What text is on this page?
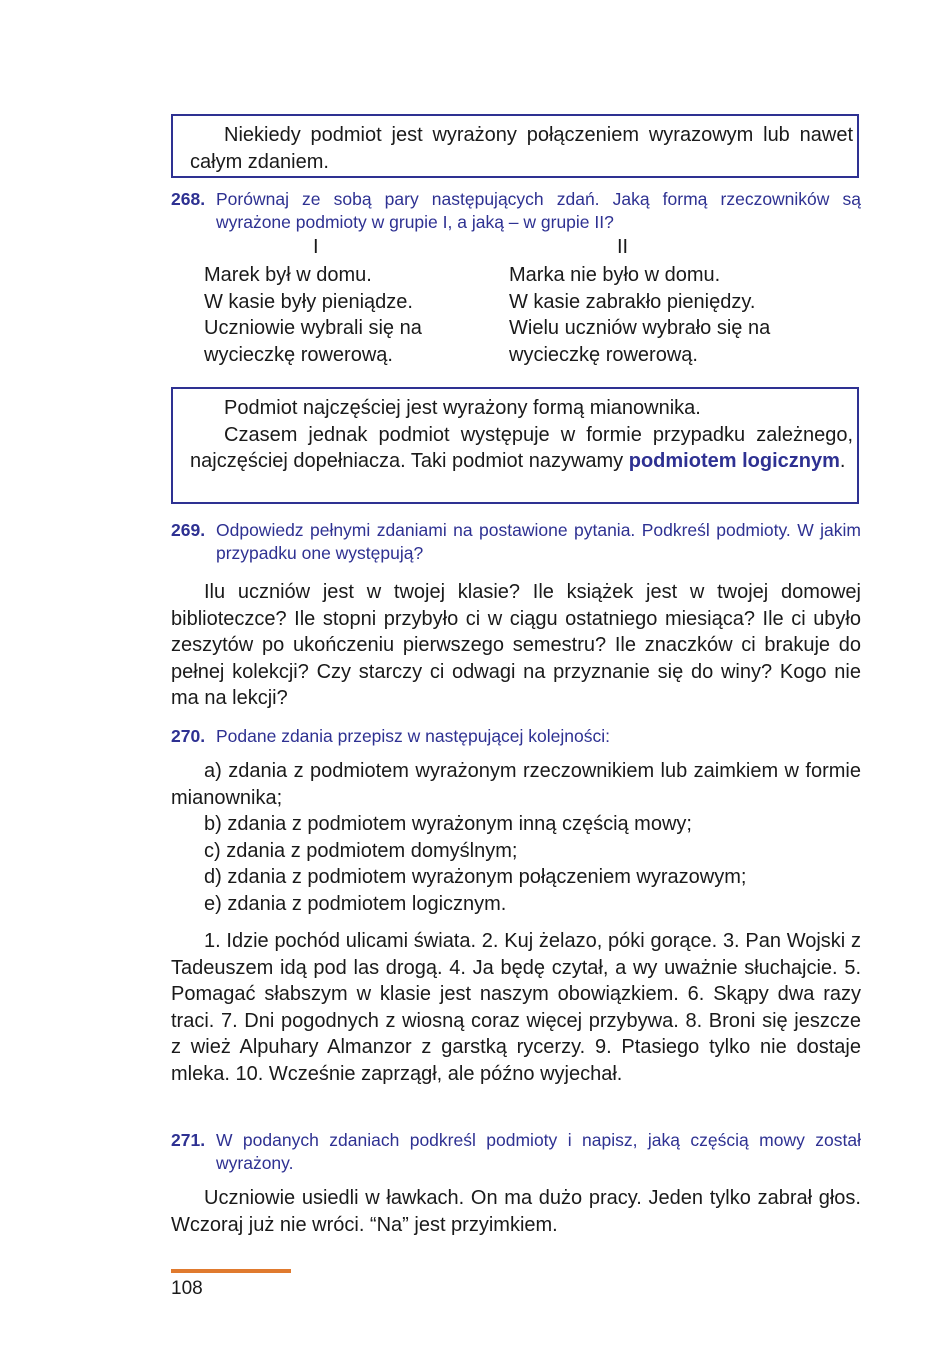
Niekiedy podmiot jest wyrażony połączeniem wyrazowym lub nawet całym zdaniem.
268. Porównaj ze sobą pary następujących zdań. Jaką formą rzeczowników są wyrażone podmioty w grupie I, a jaką – w grupie II?
I	II
Marek był w domu.
W kasie były pieniądze.
Uczniowie wybrali się na
wycieczkę rowerową.
Marka nie było w domu.
W kasie zabrakło pieniędzy.
Wielu uczniów wybrało się na
wycieczkę rowerową.
Podmiot najczęściej jest wyrażony formą mianownika.
Czasem jednak podmiot występuje w formie przypadku zależnego, najczęściej dopełniacza. Taki podmiot nazywamy podmiotem logicznym.
269. Odpowiedz pełnymi zdaniami na postawione pytania. Podkreśl podmioty. W jakim przypadku one występują?
Ilu uczniów jest w twojej klasie? Ile książek jest w twojej domowej biblioteczce? Ile stopni przybyło ci w ciągu ostatniego miesiąca? Ile ci ubyło zeszytów po ukończeniu pierwszego semestru? Ile znaczków ci brakuje do pełnej kolekcji? Czy starczy ci odwagi na przyznanie się do winy? Kogo nie ma na lekcji?
270. Podane zdania przepisz w następującej kolejności:
a) zdania z podmiotem wyrażonym rzeczownikiem lub zaimkiem w formie mianownika;
b) zdania z podmiotem wyrażonym inną częścią mowy;
c) zdania z podmiotem domyślnym;
d) zdania z podmiotem wyrażonym połączeniem wyrazowym;
e) zdania z podmiotem logicznym.
1. Idzie pochód ulicami świata. 2. Kuj żelazo, póki gorące. 3. Pan Wojski z Tadeuszem idą pod las drogą. 4. Ja będę czytał, a wy uważnie słuchajcie. 5. Pomagać słabszym w klasie jest naszym obowiązkiem. 6. Skąpy dwa razy traci. 7. Dni pogodnych z wiosną coraz więcej przybywa. 8. Broni się jeszcze z wież Alpuhary Almanzor z garstką rycerzy. 9. Ptasiego tylko nie dostaje mleka. 10. Wcześnie zaprzągł, ale późno wyjechał.
271. W podanych zdaniach podkreśl podmioty i napisz, jaką częścią mowy został wyrażony.
Uczniowie usiedli w ławkach. On ma dużo pracy. Jeden tylko zabrał głos. Wczoraj już nie wróci. “Na” jest przyimkiem.
108
